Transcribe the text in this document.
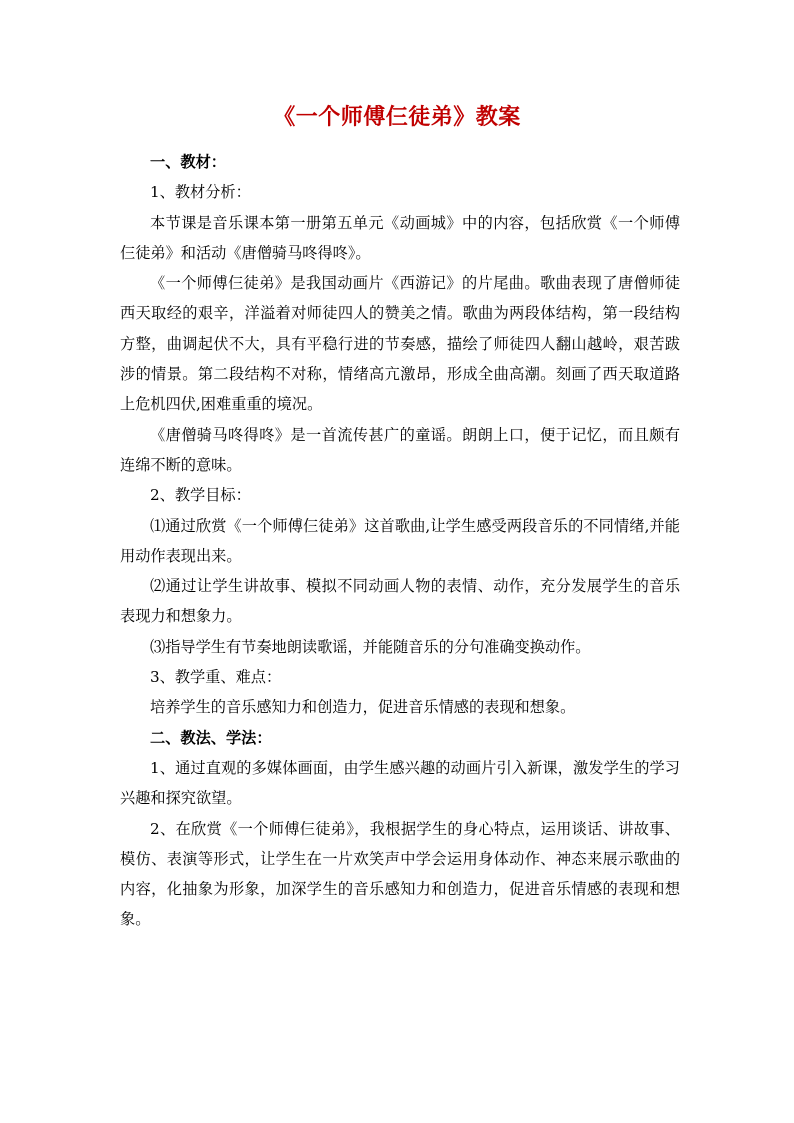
《一个师傅仨徒弟》教案

一、教材：

1、教材分析：

本节课是音乐课本第一册第五单元《动画城》中的内容，包括欣赏《一个师傅仨徒弟》和活动《唐僧骑马咚得咚》。

《一个师傅仨徒弟》是我国动画片《西游记》的片尾曲。歌曲表现了唐僧师徒西天取经的艰辛，洋溢着对师徒四人的赞美之情。歌曲为两段体结构，第一段结构方整，曲调起伏不大，具有平稳行进的节奏感，描绘了师徒四人翻山越岭，艰苦跋涉的情景。第二段结构不对称，情绪高亢激昂，形成全曲高潮。刻画了西天取道路上危机四伏,困难重重的境况。

《唐僧骑马咚得咚》是一首流传甚广的童谣。朗朗上口，便于记忆，而且颇有连绵不断的意味。

2、教学目标：

⑴通过欣赏《一个师傅仨徒弟》这首歌曲,让学生感受两段音乐的不同情绪,并能用动作表现出来。

⑵通过让学生讲故事、模拟不同动画人物的表情、动作，充分发展学生的音乐表现力和想象力。

⑶指导学生有节奏地朗读歌谣，并能随音乐的分句准确变换动作。

3、教学重、难点：

培养学生的音乐感知力和创造力，促进音乐情感的表现和想象。

二、教法、学法：

1、通过直观的多媒体画面，由学生感兴趣的动画片引入新课，激发学生的学习兴趣和探究欲望。

2、在欣赏《一个师傅仨徒弟》，我根据学生的身心特点，运用谈话、讲故事、模仿、表演等形式，让学生在一片欢笑声中学会运用身体动作、神态来展示歌曲的内容，化抽象为形象，加深学生的音乐感知力和创造力，促进音乐情感的表现和想象。
